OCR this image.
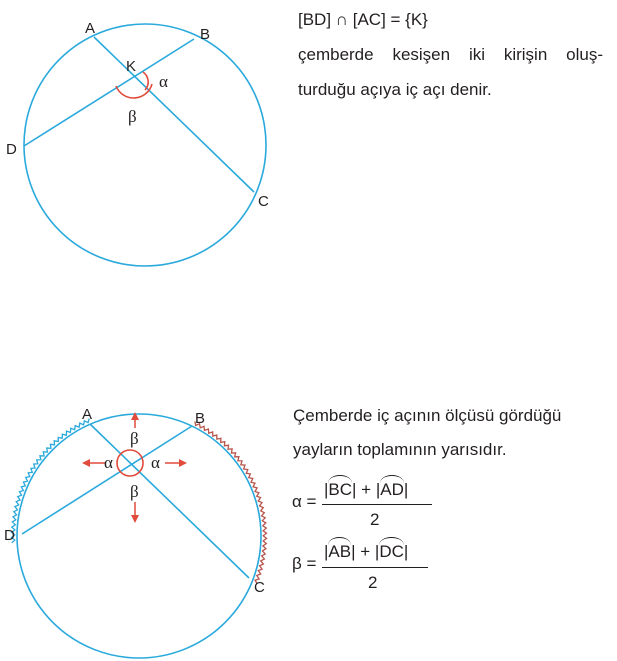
A	B
C
D
K
α
β
A	B
C
D
β
β
α α
[BD] ∩ [AC] = {K}
çemberde kesişen iki kirişin oluş-
turduğu açıya iç açı denir.
Çemberde iç açının ölçüsü gördüğü
yayların toplamının yarısıdır.
α =
|BC| + |AD|
2
β =
|AB| + |DC|
2
